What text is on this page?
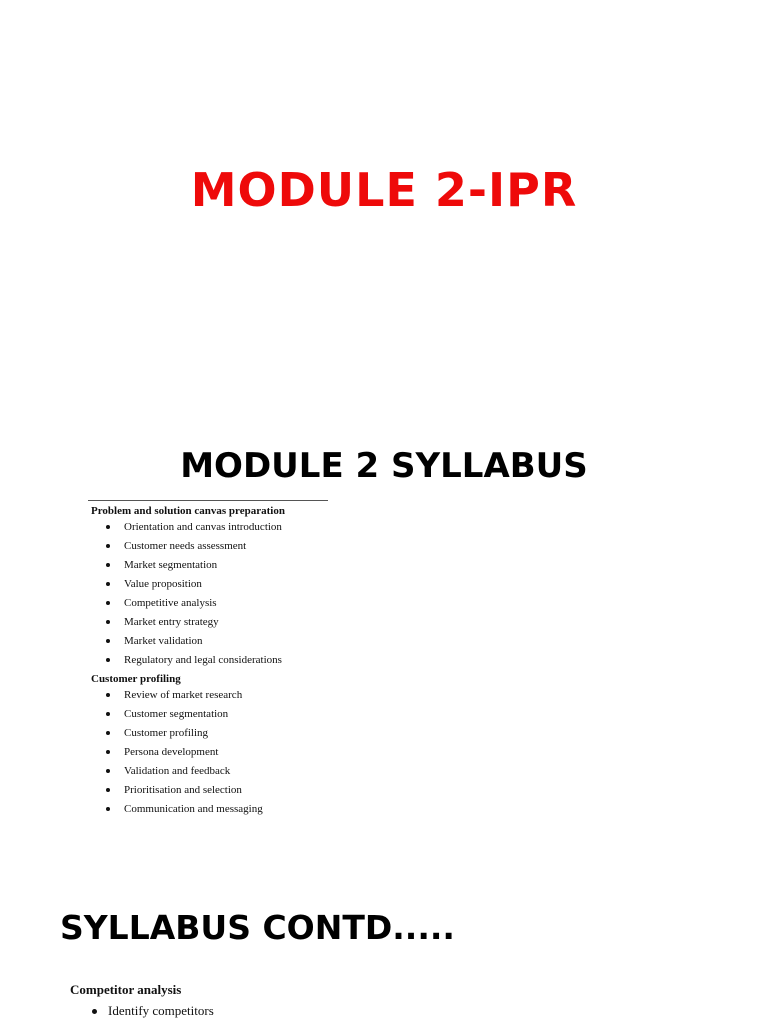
MODULE 2-IPR
MODULE 2 SYLLABUS
Problem and solution canvas preparation
Orientation and canvas introduction
Customer needs assessment
Market segmentation
Value proposition
Competitive analysis
Market entry strategy
Market validation
Regulatory and legal considerations
Customer profiling
Review of market research
Customer segmentation
Customer profiling
Persona development
Validation and feedback
Prioritisation and selection
Communication and messaging
SYLLABUS CONTD.....
Competitor analysis
Identify competitors
